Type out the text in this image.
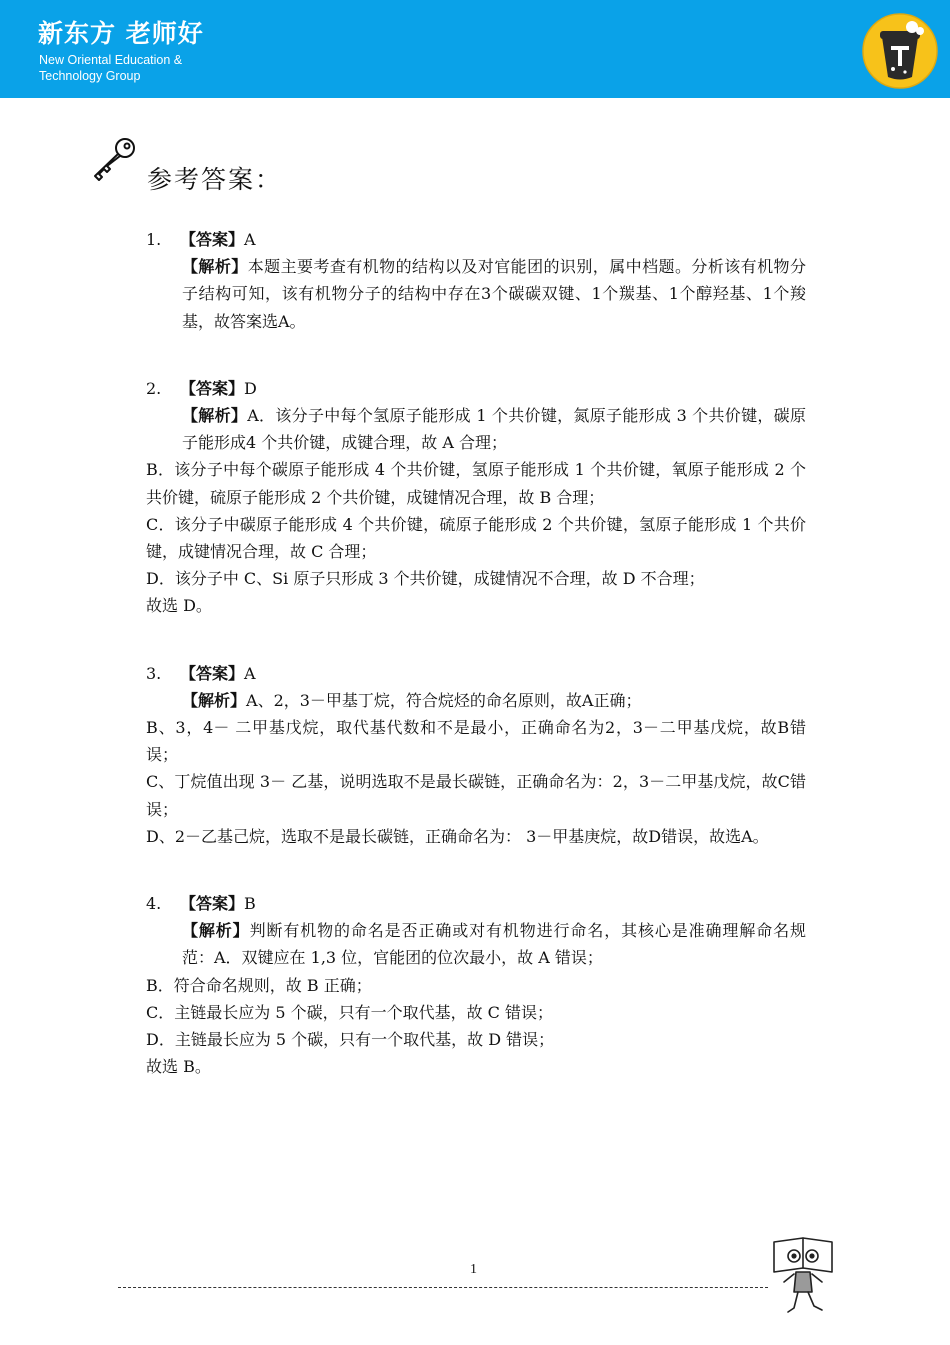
新东方 老师好
New Oriental Education &
Technology Group
参考答案：

1. 【答案】A

【解析】本题主要考查有机物的结构以及对官能团的识别，属中档题。分析该有机物分子结构可知，该有机物分子的结构中存在3个碳碳双键、1个羰基、1个醇羟基、1个羧基，故答案选A。

2. 【答案】D

【解析】A．该分子中每个氢原子能形成 1 个共价键，氮原子能形成 3 个共价键，碳原子能形成4 个共价键，成键合理，故 A 合理；

B．该分子中每个碳原子能形成 4 个共价键，氢原子能形成 1 个共价键，氧原子能形成 2 个共价键，硫原子能形成 2 个共价键，成键情况合理，故 B 合理；

C．该分子中碳原子能形成 4 个共价键，硫原子能形成 2 个共价键，氢原子能形成 1 个共价键，成键情况合理，故 C 合理；

D．该分子中 C、Si 原子只形成 3 个共价键，成键情况不合理，故 D 不合理；

故选 D。

3. 【答案】A

【解析】A、2，3－甲基丁烷，符合烷烃的命名原则，故A正确；

B、3，4－ 二甲基戊烷，取代基代数和不是最小，正确命名为2，3－二甲基戊烷，故B错误；

C、丁烷值出现 3－ 乙基，说明选取不是最长碳链，正确命名为：2，3－二甲基戊烷，故C错误；

D、2－乙基己烷，选取不是最长碳链，正确命名为： 3－甲基庚烷，故D错误，故选A。

4. 【答案】B

【解析】判断有机物的命名是否正确或对有机物进行命名，其核心是准确理解命名规范：A．双键应在 1,3 位，官能团的位次最小，故 A 错误；

B．符合命名规则，故 B 正确；

C．主链最长应为 5 个碳，只有一个取代基，故 C 错误；

D．主链最长应为 5 个碳，只有一个取代基，故 D 错误；

故选 B。

1
